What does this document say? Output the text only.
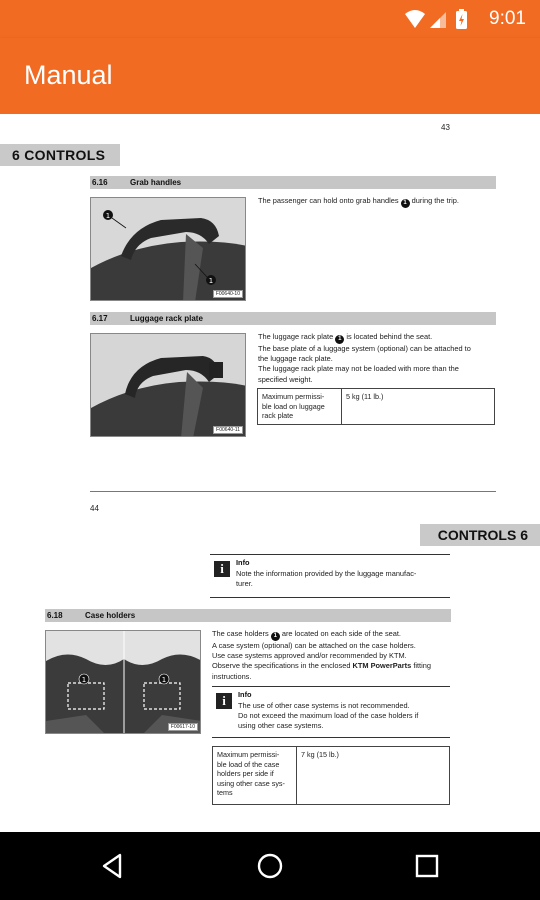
9:01
Manual
43
6 CONTROLS
6.16	Grab handles
1
1
F00640-10
The passenger can hold onto grab handles 1 during the trip.
6.17	Luggage rack plate
F00640-11
The luggage rack plate 1 is located behind the seat.
The base plate of a luggage system (optional) can be attached to
the luggage rack plate.
The luggage rack plate may not be loaded with more than the
specified weight.
Maximum permissi-
ble load on luggage
rack plate
	5 kg (11 lb.)
44
CONTROLS 6
i	Info
Note the information provided by the luggage manufac-
turer.
6.18	Case holders
1	1
F00617-10
The case holders 1 are located on each side of the seat.
A case system (optional) can be attached on the case holders.
Use case systems approved and/or recommended by KTM.
Observe the specifications in the enclosed KTM PowerParts fitting
instructions.
i	Info
The use of other case systems is not recommended.
Do not exceed the maximum load of the case holders if
using other case systems.
Maximum permissi-
ble load of the case
holders per side if
using other case sys-
tems
	7 kg (15 lb.)
